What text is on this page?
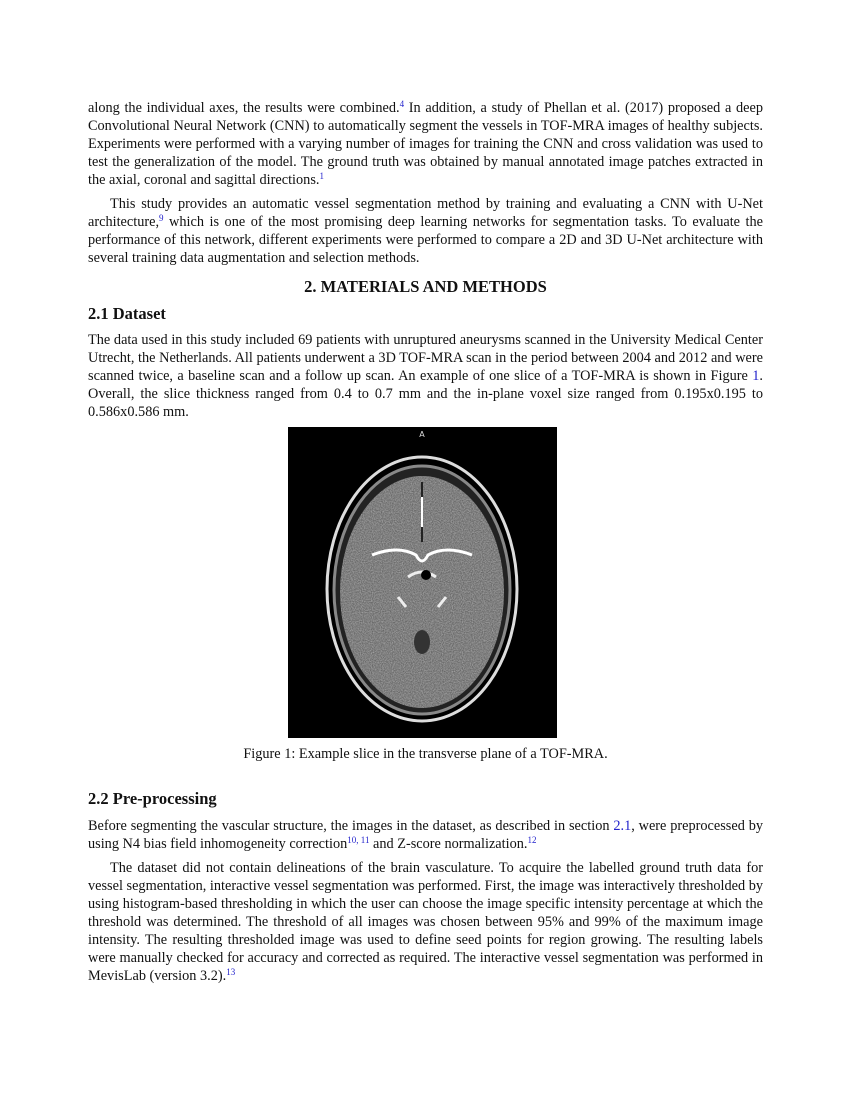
along the individual axes, the results were combined.$^4$ In addition, a study of Phellan et al. (2017) proposed a deep Convolutional Neural Network (CNN) to automatically segment the vessels in TOF-MRA images of healthy subjects. Experiments were performed with a varying number of images for training the CNN and cross validation was used to test the generalization of the model. The ground truth was obtained by manual annotated image patches extracted in the axial, coronal and sagittal directions.$^1$

This study provides an automatic vessel segmentation method by training and evaluating a CNN with U-Net architecture,$^9$ which is one of the most promising deep learning networks for segmentation tasks. To evaluate the performance of this network, different experiments were performed to compare a 2D and 3D U-Net architecture with several training data augmentation and selection methods.

2. MATERIALS AND METHODS
2.1 Dataset

The data used in this study included 69 patients with unruptured aneurysms scanned in the University Medical Center Utrecht, the Netherlands. All patients underwent a 3D TOF-MRA scan in the period between 2004 and 2012 and were scanned twice, a baseline scan and a follow up scan. An example of one slice of a TOF-MRA is shown in Figure 1. Overall, the slice thickness ranged from 0.4 to 0.7 mm and the in-plane voxel size ranged from 0.195x0.195 to 0.586x0.586 mm.

A
Figure 1: Example slice in the transverse plane of a TOF-MRA.
2.2 Pre-processing

Before segmenting the vascular structure, the images in the dataset, as described in section 2.1, were preprocessed by using N4 bias field inhomogeneity correction$^{10, 11}$ and Z-score normalization.$^{12}$

The dataset did not contain delineations of the brain vasculature. To acquire the labelled ground truth data for vessel segmentation, interactive vessel segmentation was performed. First, the image was interactively thresholded by using histogram-based thresholding in which the user can choose the image specific intensity percentage at which the threshold was determined. The threshold of all images was chosen between 95% and 99% of the maximum image intensity. The resulting thresholded image was used to define seed points for region growing. The resulting labels were manually checked for accuracy and corrected as required. The interactive vessel segmentation was performed in MevisLab (version 3.2).$^{13}$
